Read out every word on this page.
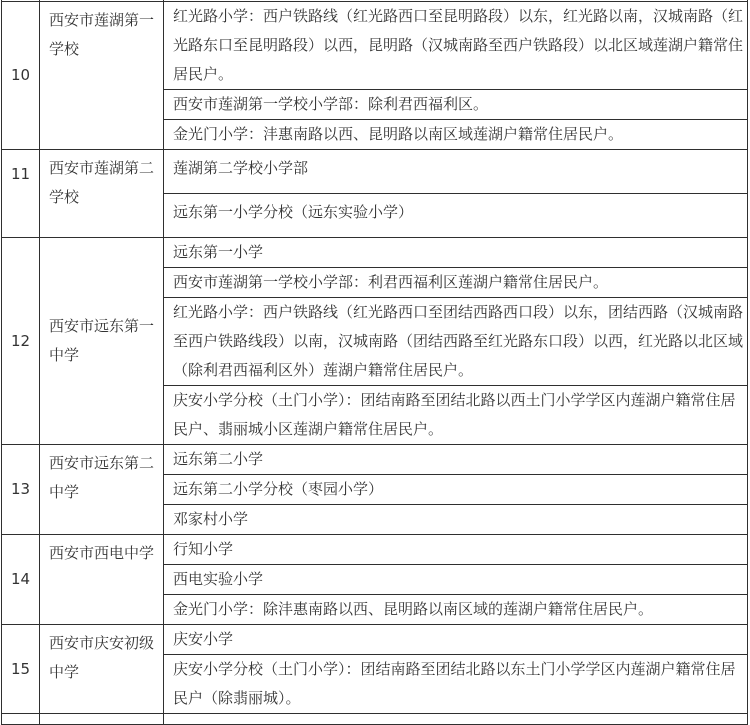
10	西安市莲湖第一学校	红光路小学：西户铁路线（红光路西口至昆明路段）以东，红光路以南，汉城南路（红光路东口至昆明路段）以西，昆明路（汉城南路至西户铁路段）以北区域莲湖户籍常住居民户。
		西安市莲湖第一学校小学部：除利君西福利区。
		金光门小学：沣惠南路以西、昆明路以南区域莲湖户籍常住居民户。
11	西安市莲湖第二学校	莲湖第二学校小学部
		远东第一小学分校（远东实验小学）
12	西安市远东第一中学	远东第一小学
		西安市莲湖第一学校小学部：利君西福利区莲湖户籍常住居民户。
		红光路小学：西户铁路线（红光路西口至团结西路西口段）以东，团结西路（汉城南路至西户铁路线段）以南，汉城南路（团结西路至红光路东口段）以西，红光路以北区域（除利君西福利区外）莲湖户籍常住居民户。
		庆安小学分校（土门小学）：团结南路至团结北路以西土门小学学区内莲湖户籍常住居民户、翡丽城小区莲湖户籍常住居民户。
13	西安市远东第二中学	远东第二小学
		远东第二小学分校（枣园小学）
		邓家村小学
14	西安市西电中学	行知小学
		西电实验小学
		金光门小学：除沣惠南路以西、昆明路以南区域的莲湖户籍常住居民户。
15	西安市庆安初级中学	庆安小学
		庆安小学分校（土门小学）：团结南路至团结北路以东土门小学学区内莲湖户籍常住居民户（除翡丽城）。
